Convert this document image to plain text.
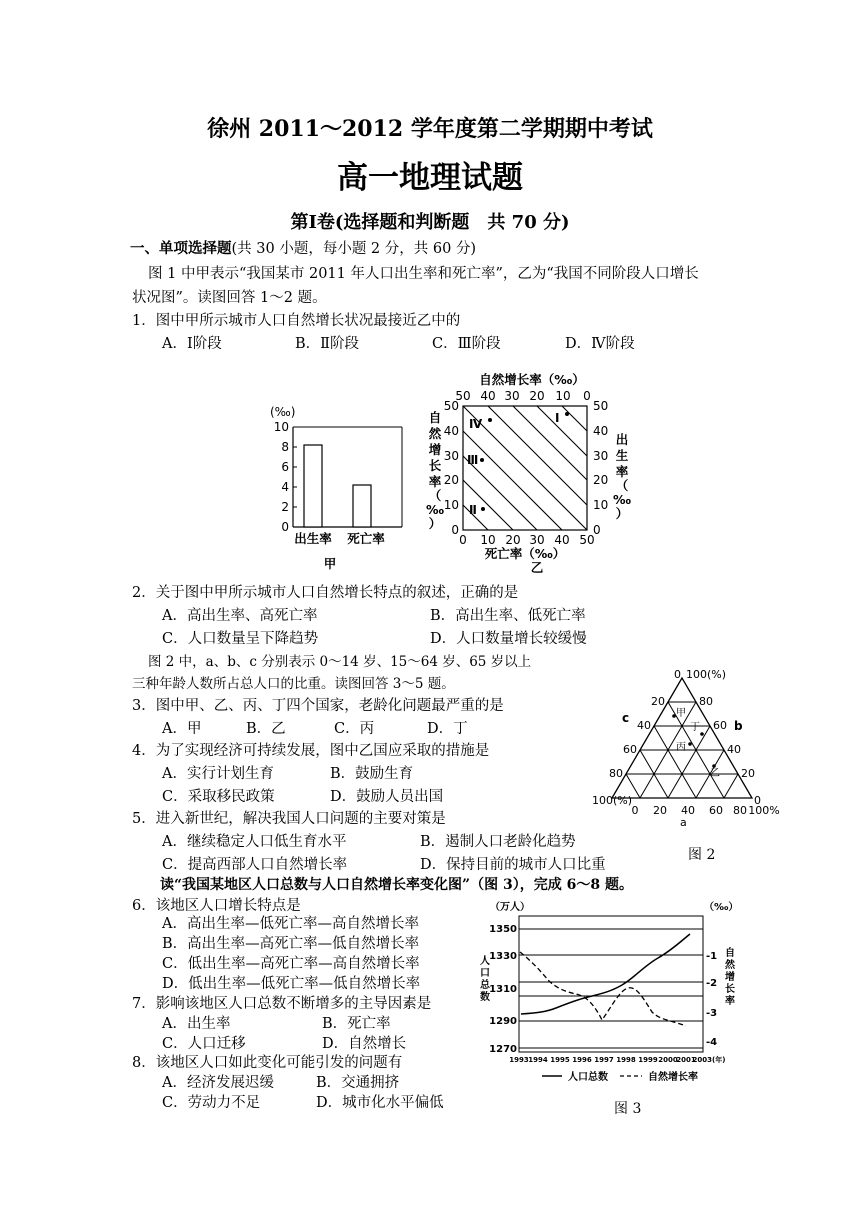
徐州 2011～2012 学年度第二学期期中考试
高一地理试题
第Ⅰ卷(选择题和判断题　共 70 分)
一、单项选择题(共 30 小题，每小题 2 分，共 60 分)
图 1 中甲表示“我国某市 2011 年人口出生率和死亡率”，乙为“我国不同阶段人口增长
状况图”。读图回答 1～2 题。
1．图中甲所示城市人口自然增长状况最接近乙中的
A．Ⅰ阶段	B．Ⅱ阶段	C．Ⅲ阶段	D．Ⅳ阶段
(‰)
10
8
6
4
2
0
出生率 死亡率
甲
自然增长率（‰）
50 40 30 20 10 0
50
40
30
20
10
0
50
40
30
20
10
0
自
然
增
长
率
（
‰
）
出
生
率
（
‰
）
0 10 20 30 40 50
死亡率（‰）
乙
Ⅳ
Ⅲ
Ⅱ
Ⅰ
2．关于图中甲所示城市人口自然增长特点的叙述，正确的是
A．高出生率、高死亡率	B．高出生率、低死亡率
C．人口数量呈下降趋势	D．人口数量增长较缓慢
图 2 中，a、b、c 分别表示 0～14 岁、15～64 岁、65 岁以上
三种年龄人数所占总人口的比重。读图回答 3～5 题。
3．图中甲、乙、丙、丁四个国家，老龄化问题最严重的是
A．甲	B．乙	C．丙	D．丁
4．为了实现经济可持续发展，图中乙国应采取的措施是
A．实行计划生育	B．鼓励生育
C．采取移民政策	D．鼓励人员出国
5．进入新世纪，解决我国人口问题的主要对策是
A．继续稳定人口低生育水平	B．遏制人口老龄化趋势
C．提高西部人口自然增长率	D．保持目前的城市人口比重
0 100(%)
20
40
60
80
80
60
40
20
100(%)	0
0 20 40 60 80 100%
a
b
c	甲
丁
丙
乙
图 2
读“我国某地区人口总数与人口自然增长率变化图”（图 3），完成 6～8 题。
6．该地区人口增长特点是
A．高出生率—低死亡率—高自然增长率
B．高出生率—高死亡率—低自然增长率
C．低出生率—高死亡率—高自然增长率
D．低出生率—低死亡率—低自然增长率
7．影响该地区人口总数不断增多的主导因素是
A．出生率	B．死亡率
C．人口迁移	D．自然增长
8．该地区人口如此变化可能引发的问题有
A．经济发展迟缓	B．交通拥挤
C．劳动力不足	D．城市化水平偏低
（万人）	（‰）
1350
1330
1310
1290
1270
-1
-2
-3
-4
人
口
总
数
自
然
增
长
率
1993 1994 1995 1996 1997 1998 1999 2000
2001
2003(年)
人口总数	自然增长率
图 3
